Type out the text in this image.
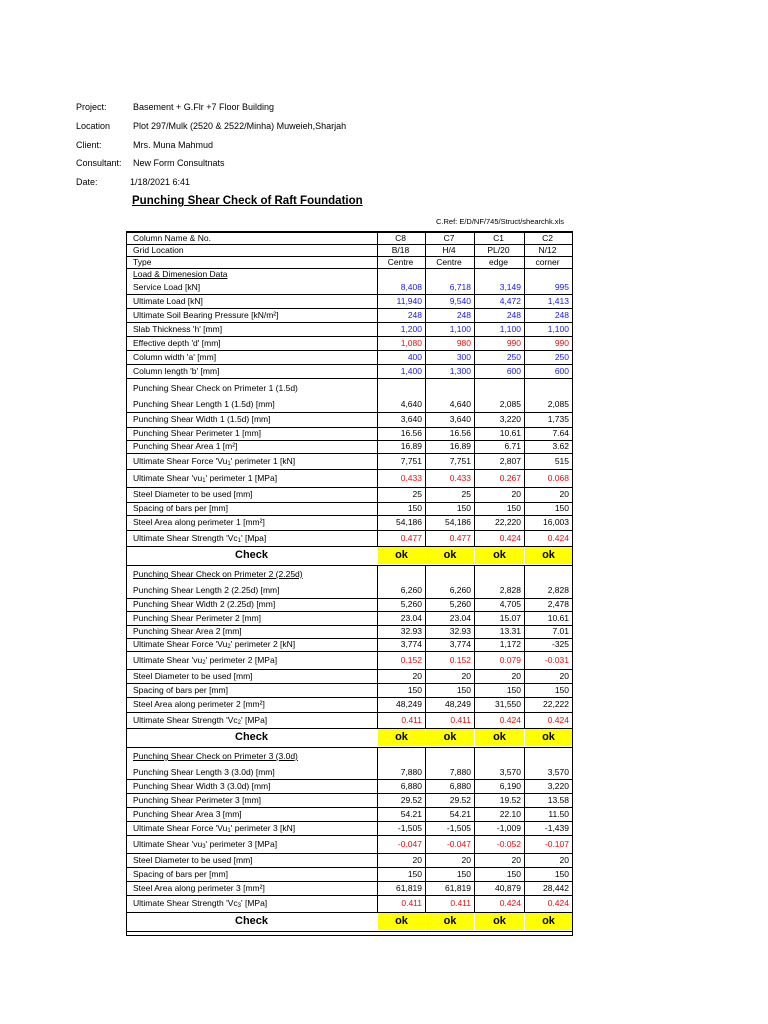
Project:	Basement + G.Flr +7 Floor Building
Location	Plot 297/Mulk (2520 & 2522/Minha) Muweieh,Sharjah
Client:	Mrs. Muna Mahmud
Consultant: New Form Consultnats
Date:	1/18/2021 6:41
Punching Shear Check of Raft Foundation
C.Ref: E/D/NF/745/Struct/shearchk.xls
Column Name & No.	C8	C7	C1	C2
Grid Location	B/18	H/4	PL/20	N/12
Type	Centre	Centre	edge	corner
Load & Dimenesion Data
Service Load [kN]	8,408	6,718	3,149	995
Ultimate Load [kN]	11,940	9,540	4,472	1,413
Ultimate Soil Bearing Pressure [kN/m²]	248	248	248	248
Slab Thickness 'h' [mm]	1,200	1,100	1,100	1,100
Effective depth 'd' [mm]	1,080	980	990	990
Column width 'a' [mm]	400	300	250	250
Column length 'b' [mm]	1,400	1,300	600	600
Punching Shear Check on Primeter 1 (1.5d)
Punching Shear Length 1 (1.5d) [mm]	4,640	4,640	2,085	2,085
Punching Shear Width 1 (1.5d) [mm]	3,640	3,640	3,220	1,735
Punching Shear Perimeter 1 [mm]	16.56	16.56	10.61	7.64
Punching Shear Area 1 [m²]	16.89	16.89	6.71	3.62
Ultimate Shear Force '$Vu_1$' perimeter 1 [kN]	7,751	7,751	2,807	515
Ultimate Shear '$vu_1$' perimeter 1 [MPa]	0.433	0.433	0.267	0.068
Steel Diameter to be used [mm]	25	25	20	20
Spacing of bars per [mm]	150	150	150	150
Steel Area along perimeter 1 [mm²]	54,186	54,186	22,220	16,003
Ultimate Shear Strength '$Vc_1$' [Mpa]	0.477	0.477	0.424	0.424
Check	ok	ok	ok	ok
Punching Shear Check on Primeter 2 (2.25d)
Punching Shear Length 2 (2.25d) [mm]	6,260	6,260	2,828	2,828
Punching Shear Width 2 (2.25d) [mm]	5,260	5,260	4,705	2,478
Punching Shear Perimeter 2 [mm]	23.04	23.04	15.07	10.61
Punching Shear Area 2 [mm]	32.93	32.93	13.31	7.01
Ultimate Shear Force '$Vu_2$' perimeter 2 [kN]	3,774	3,774	1,172	-325
Ultimate Shear '$vu_2$' perimeter 2 [MPa]	0.152	0.152	0.079	-0.031
Steel Diameter to be used [mm]	20	20	20	20
Spacing of bars per [mm]	150	150	150	150
Steel Area along perimeter 2 [mm²]	48,249	48,249	31,550	22,222
Ultimate Shear Strength '$Vc_2$' [MPa]	0.411	0.411	0.424	0.424
Check	ok	ok	ok	ok
Punching Shear Check on Primeter 3 (3.0d)
Punching Shear Length 3 (3.0d) [mm]	7,880	7,880	3,570	3,570
Punching Shear Width 3 (3.0d) [mm]	6,880	6,880	6,190	3,220
Punching Shear Perimeter 3 [mm]	29.52	29.52	19.52	13.58
Punching Shear Area 3 [mm]	54.21	54.21	22.10	11.50
Ultimate Shear Force '$Vu_1$' perimeter 3 [kN]	-1,505	-1,505	-1,009	-1,439
Ultimate Shear '$vu_3$' perimeter 3 [MPa]	-0.047	-0.047	-0.052	-0.107
Steel Diameter to be used [mm]	20	20	20	20
Spacing of bars per [mm]	150	150	150	150
Steel Area along perimeter 3 [mm²]	61,819	61,819	40,879	28,442
Ultimate Shear Strength '$Vc_3$' [MPa]	0.411	0.411	0.424	0.424
Check	ok	ok	ok	ok
